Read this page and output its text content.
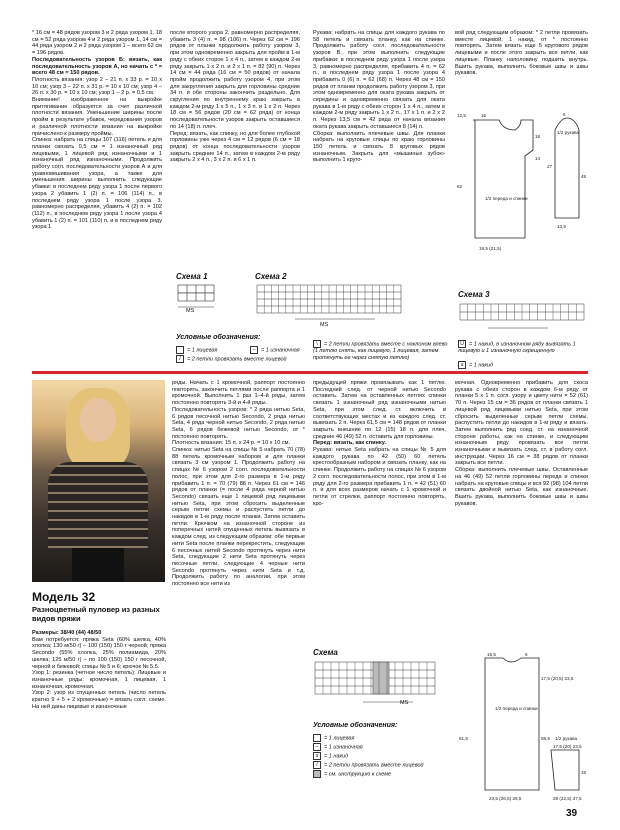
* 16 см = 48 рядов узором 3 и 2 ряда узором 1, 18 см = 52 ряда узором 4 и 2 ряда узором 1, 14 см = 44 ряда узором 2 и 2 ряда узором 1 – всего 62 см = 196 рядов.

Последовательность узоров Б: вязать, как последовательность узоров А, но начать с * = всего 48 см = 150 рядов.

Плотность вязания: узор 2 – 21 п. х 33 р. = 10 х 10 см; узор 3 – 22 п. х 31 р. = 10 х 10 см; узор 4 – 26 п. х 30 р. = 10 х 10 см; узор 1 – 2 р. = 0,5 см.

Внимание! изображенное на выкройке притягивание образуется за счет различной плотности вязания. Уменьшение ширины после пройм в результате убавок, чередования узоров и различной плотности вязания на выкройке причислено к размеру проймы.

Спинка: набрать на спицы 107 (116) петель и для планки связать 0,5 см = 1 изнаночный ряд лицевыми, 1 лицевой ряд изнаночными и 1 изнаночный ряд изнаночными. Продолжить работу согл. последовательности узоров А и для уравновешивания узора, а также для уменьшения ширины выполнить следующие убавки: в последнем ряду узора 1 после первого узора 2 убавить 1 (2) п. = 106 (114) п., в последнем ряду узора 1 после узора 3, равномерно распределяя, убавить 4 (2) п. = 102 (112) п., в последнем ряду узора 1 после узора 4 убавить 1 (2) п. = 101 (110) п. и в последнем ряду узора 1

после второго узора 2, равномерно распределяя, убавить 3 (4) п. = 98 (106) п. Через 62 см = 196 рядов от планки продолжить работу узором 3, при этом одновременно закрыть для пройм в 1-м ряду с обеих сторон 1 х 4 п., затем в каждом 2-м ряду закрыть 1 х 2 п. и 2 х 1 п. = 82 (90) п. Через 14 см = 44 ряда (16 см = 50 рядов) от начала пройм продолжить работу узором 4, при этом для закругления закрыть для горловины средние 34 п. и обе стороны закончить раздельно. Для скругления по внутреннему краю закрыть в каждом 2-м ряду 1 х 5 п., 1 х 3 п. и 1 х 2 п. Через 18 см = 56 рядов (20 см = 62 ряда) от конца последовательности узоров закрыть оставшиеся по 14 (18) п. плеч.

Перед: вязать, как спинку, но для более глубокой горловины уже через 4 см = 12 рядов (6 см = 18 рядов) от конца последовательности узоров закрыть средние 14 п., затем в каждом 2-м ряду закрыть 2 х 4 п., 3 х 2 п. и 6 х 1 п.

Рукава: набрать на спицы для каждого рукава по 58 петель и связать планку, как на спинке. Продолжить работу согл. последовательности узоров В, при этом выполнить следующие прибавки: в последнем ряду узора 1 после узора 3, равномерно распределяя, прибавить 4 п. = 62 п., в последнем ряду узора 1 после узора 4 прибавить 0 (6) п. = 62 (68) п. Через 48 см = 150 рядов от планки продолжить работу узором 3, при этом одновременно для оката рукава закрыть от середины и одновременно связать для оката рукава в 1-м ряду с обеих сторон 1 х 4 п., затем в каждом 2-м ряду закрыть 1 х 2 п., 17 х 1 п. и 2 х 2 п. Через 13,5 см = 42 ряда от начала вязания оката рукава закрыть оставшиеся 8 (14) п.

Сборка: выполнить плечевые швы. Для планки набрать на круговые спицы по краю горловины 150 петель и связать 8 круговых рядов изнаночным. Закрыть для «мышиных зубок» выполнить 1 круго-

вой ряд следующим образом: * 2 петли провязать вместе лицевой, 1 накид, от * постоянно повторять. Затем вязать еще 5 кругового рядов лицевыми и после этого закрыть все петли, как лицевые. Планку наполовину подшить внутрь. Вшить рукава, выполнить боковые швы и швы рукавов.

12,5	16
18
14
62
19,5 (21,5)
13,5
48
27
6
1/2 переда и спинки
1/2 рукава
Схема 1
MS
Схема 2
MS
Схема 3
Условные обозначения:
= 1 лицевая	– = 1 изнаночная
/ = 2 петли провязать вместе лицевой
\ = 2 петли провязать вместе с наклоном влево (1 петлю снять, как лицевую, 1 лицевая, затем протянуть ее через снятую петлю)
U = 1 накид, в изнаночном ряду вывязать 1 лицевую и 1 изнаночную скрещенную
u = 1 накид
Модель 32
Разноцветный пуловер из разных видов пряжи

Размеры: 38/40 (44) 48/50

Вам потребуется: пряжа Seta (60% шелка, 40% хлопка; 130 м/50 г) – 100 (150) 150 г черной; пряжа Secondo (55% хлопка, 25% полиамида, 20% шелка; 125 м/50 г) – по 100 (150) 150 г песочной, черной и бежевой; спицы № 5 и 6; крючок № 5,5.

Узор 1: резинка (четное число петель): Лицевые и изнаночные ряды: кромочная, 1 лицевая, 1 изнаночная, кромочная.

Узор 2: узор из спущенных петель (число петель кратно 9 + 5 + 2 кромочные) = вязать согл. схеме. На ней даны лицевые и изнаночные

ряды. Начать с 1 кромочной, раппорт постоянно повторять, закончить петлями после раппорта и 1 кромочной. Выполнить 1 раз 1–4-й ряды, затем постоянно повторять 3-й и 4-й ряды.

Последовательность узоров: * 2 ряда нитью Seta, 6 рядов песочной нитью Secondo, 2 ряда нитью Seta, 4 ряда черной нитью Secondo, 2 ряда нитью Seta, 6 рядов бежевой нитью Secondo, от * постоянно повторять.

Плотность вязания: 15 п. х 24 р. = 10 х 10 см.

Спинка: нитью Seta на спицы № 5 набрать 70 (78) 88 петель кромочным набором и для планки связать 3 см узором 1. Продолжить работу на спицах № 6 узором 2 согл. последовательности полос, при этом для 2-го размера в 1-м ряду прибавить 1 п. = 70 (79) 88 п. Через 61 см = 146 рядов от планки (= после 4 ряда черной нитью Secondo) связать еще 1 лицевой ряд лицевыми нитью Seta, при этом сбросить выделенные серым петли схемы и распустить петли до накидов в 1-м ряду после планки. Затем оставить петли. Крючком на изнаночной стороне из поперечных нитей спущенных петель вывязать в каждом след. из следующим образом: обе первые нити Seta после планки перекрестить, следующие 6 песочных нитей Secondo протянуть через нити Seta, следующие 2 нити Seta протянуть через песочные петли, следующие 4 черные нити Secondo протянуть через нити Seta и т.д. Продолжить работу по аналогии, при этом постоянно все нити из

предыдущей пряжи провязывать как 1 петлю. Последний след. от черной нитью Secondo оставить. Затем на оставленных петлях спинки связать 1 изнаночный ряд изнаночными нитью Seta, при этом след. ст. включить в соответствующих местах и из каждого след. ст. вывязать 2 п. Через 61,5 см = 148 рядов от планки закрыть внешние по 12 (15) 18 п. для плеч, средние 46 (49) 52 п. оставить для горловины.

Перед: вязать, как спинку.

Рукава: нитью Seta набрать на спицы № 5 для каждого рукава по 42 (50) 60 петель крестообразным набором и связать планку, как на спинке. Продолжить работу на спицах № 6 узором 2 согл. последовательности полос, при этом в 1-м ряду для 2-го размера прибавить 1 п. = 42 (51) 60 п. и для всех размеров начать с 1 кромочной и петли от стрелки, раппорт постоянно повторять, кро-

мочная. Одновременно прибавить для скоса рукава с обеих сторон в каждом 6-м ряду от планки 5 х 1 п. согл. узору и цвету нити = 52 (61) 70 п. Через 15 см = 36 рядов от планки связать 1 лицевой ряд лицевыми нитью Seta, при этом сбросить выделенные серым петли схемы, распустить петли до накидов в 1-м ряду и вязать. Затем выполнить ряд соед. ст. на изнаночной стороне работы, как на спинке, и следующим изнаночным ряду провязать все петли изнаночными и вывязать след. ст. в работу согл. инструкции. Через 16 см = 38 рядов от планки закрыть все петли.

Сборка: выполнить плечевые швы. Оставленные на 46 (49) 52 петли горловины переда и спинки набрать на круговые спицы и вся 92 (98) 104 петли связать двойной нитью Seta, как изнаночные. Вшить рукава, выполнить боковые швы и швы рукавов.

Схема
MS
Условные обозначения:
= 1 лицевая
– = 1 изнаночная
u = 1 накид
/ = 2 петли провязать вместе лицевой
= см. инструкцию к схеме
15,5	6
17,5 (20,5) 23,5
61,5	58,5
23,5 (26,5) 29,5
17,5 (20) 23,5
16
28 (32,5) 37,5
1/2 переда и спинки
1/2 рукава
39
